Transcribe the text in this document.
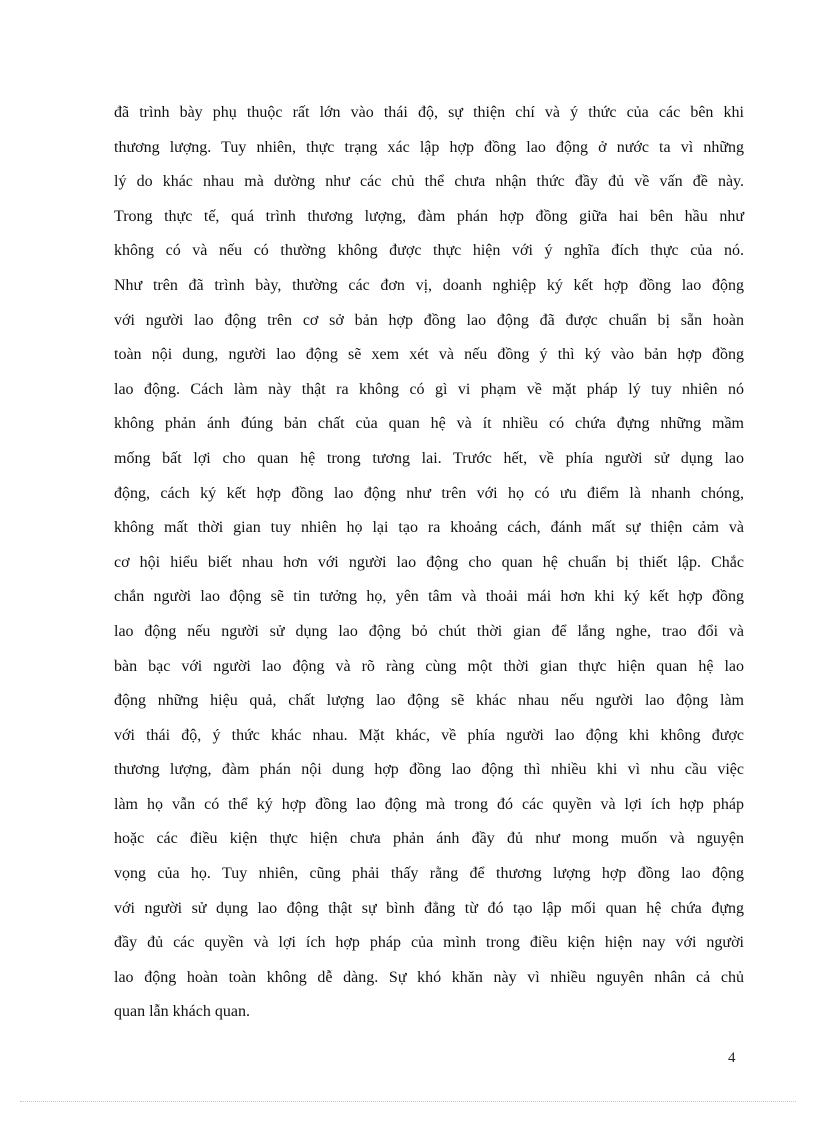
đã trình bày phụ thuộc rất lớn vào thái độ, sự thiện chí và ý thức của các bên khi
thương lượng. Tuy nhiên, thực trạng xác lập hợp đồng lao động ở nước ta vì những
lý do khác nhau mà dường như các chủ thể chưa nhận thức đầy đủ về vấn đề này.
Trong thực tế, quá trình thương lượng, đàm phán hợp đồng giữa hai bên hầu như
không có và nếu có thường không được thực hiện với ý nghĩa đích thực của nó.
Như trên đã trình bày, thường các đơn vị, doanh nghiệp ký kết hợp đồng lao động
với người lao động trên cơ sở bản hợp đồng lao động đã được chuẩn bị sẵn hoàn
toàn nội dung, người lao động sẽ xem xét và nếu đồng ý thì ký vào bản hợp đồng
lao động. Cách làm này thật ra không có gì vi phạm về mặt pháp lý tuy nhiên nó
không phản ánh đúng bản chất của quan hệ và ít nhiều có chứa đựng những mầm
mống bất lợi cho quan hệ trong tương lai. Trước hết, về phía người sử dụng lao
động, cách ký kết hợp đồng lao động như trên với họ có ưu điểm là nhanh chóng,
không mất thời gian tuy nhiên họ lại tạo ra khoảng cách, đánh mất sự thiện cảm và
cơ hội hiểu biết nhau hơn với người lao động cho quan hệ chuẩn bị thiết lập. Chắc
chắn người lao động sẽ tin tưởng họ, yên tâm và thoải mái hơn khi ký kết hợp đồng
lao động nếu người sử dụng lao động bỏ chút thời gian để lắng nghe, trao đổi và
bàn bạc với người lao động và rõ ràng cùng một thời gian thực hiện quan hệ lao
động những hiệu quả, chất lượng lao động sẽ khác nhau nếu người lao động làm
với thái độ, ý thức khác nhau. Mặt khác, về phía người lao động khi không được
thương lượng, đàm phán nội dung hợp đồng lao động thì nhiều khi vì nhu cầu việc
làm họ vẫn có thể ký hợp đồng lao động mà trong đó các quyền và lợi ích hợp pháp
hoặc các điều kiện thực hiện chưa phản ánh đầy đủ như mong muốn và nguyện
vọng của họ. Tuy nhiên, cũng phải thấy rằng để thương lượng hợp đồng lao động
với người sử dụng lao động thật sự bình đẳng từ đó tạo lập mối quan hệ chứa đựng
đầy đủ các quyền và lợi ích hợp pháp của mình trong điều kiện hiện nay với người
lao động hoàn toàn không dễ dàng. Sự khó khăn này vì nhiều nguyên nhân cả chủ
quan lẫn khách quan.
4
